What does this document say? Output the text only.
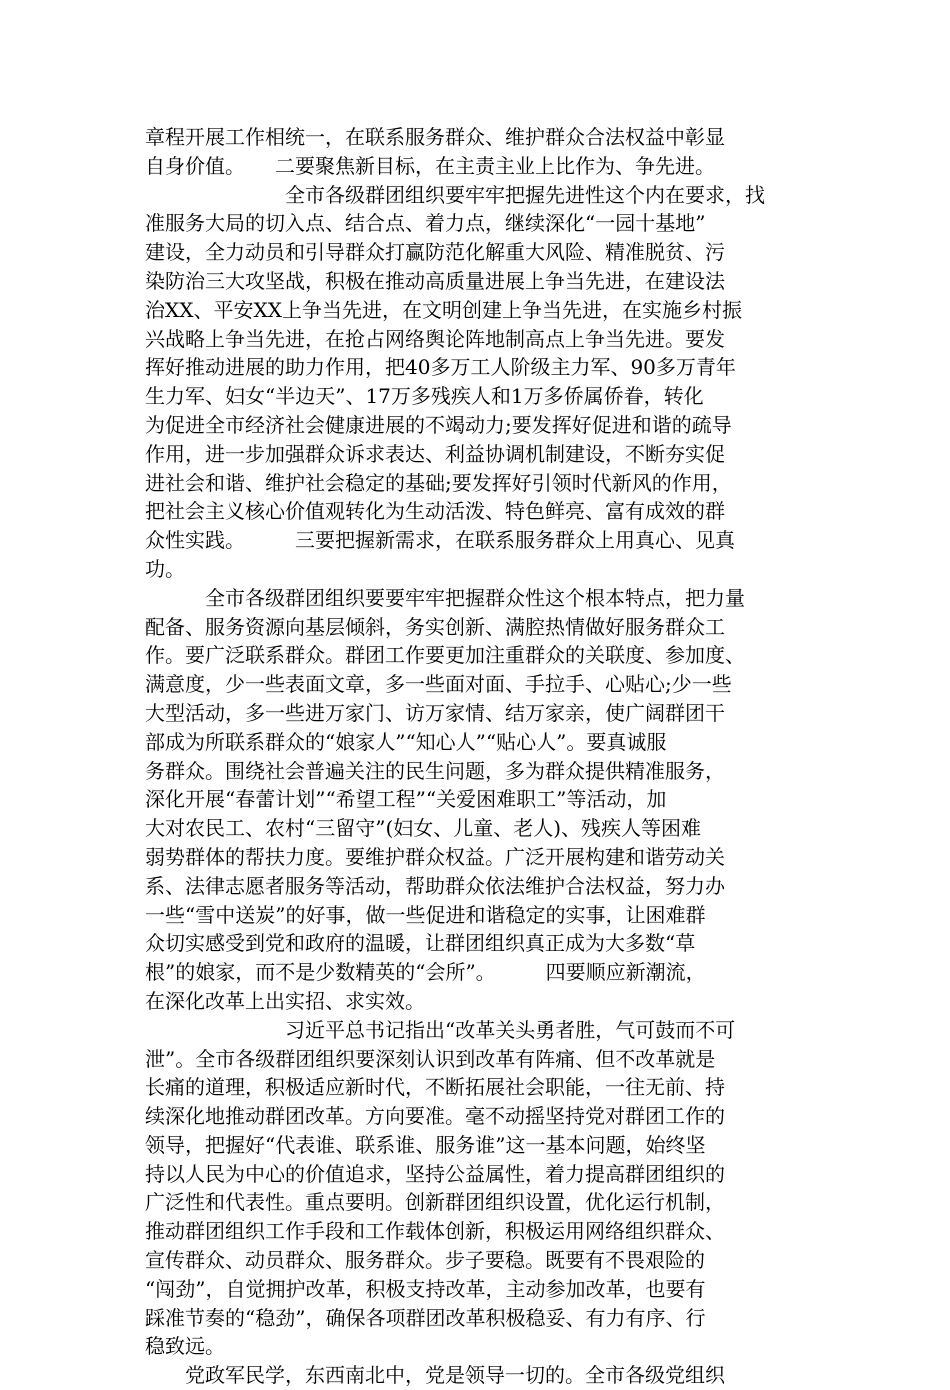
章程开展工作相统一，在联系服务群众、维护群众合法权益中彰显
自身价值。　　二要聚焦新目标，在主责主业上比作为、争先进。
　　　　　　　全市各级群团组织要牢牢把握先进性这个内在要求，找
准服务大局的切入点、结合点、着力点，继续深化“一园十基地”
建设，全力动员和引导群众打赢防范化解重大风险、精准脱贫、污
染防治三大攻坚战，积极在推动高质量进展上争当先进，在建设法
治XX、平安XX上争当先进，在文明创建上争当先进，在实施乡村振
兴战略上争当先进，在抢占网络舆论阵地制高点上争当先进。要发
挥好推动进展的助力作用，把40多万工人阶级主力军、90多万青年
生力军、妇女“半边天”、17万多残疾人和1万多侨属侨眷，转化
为促进全市经济社会健康进展的不竭动力;要发挥好促进和谐的疏导
作用，进一步加强群众诉求表达、利益协调机制建设，不断夯实促
进社会和谐、维护社会稳定的基础;要发挥好引领时代新风的作用，
把社会主义核心价值观转化为生动活泼、特色鲜亮、富有成效的群
众性实践。　　　三要把握新需求，在联系服务群众上用真心、见真
功。
　　　全市各级群团组织要要牢牢把握群众性这个根本特点，把力量
配备、服务资源向基层倾斜，务实创新、满腔热情做好服务群众工
作。要广泛联系群众。群团工作要更加注重群众的关联度、参加度、
满意度，少一些表面文章，多一些面对面、手拉手、心贴心;少一些
大型活动，多一些进万家门、访万家情、结万家亲，使广阔群团干
部成为所联系群众的“娘家人”“知心人”“贴心人”。要真诚服
务群众。围绕社会普遍关注的民生问题，多为群众提供精准服务，
深化开展“春蕾计划”“希望工程”“关爱困难职工”等活动，加
大对农民工、农村“三留守”(妇女、儿童、老人)、残疾人等困难
弱势群体的帮扶力度。要维护群众权益。广泛开展构建和谐劳动关
系、法律志愿者服务等活动，帮助群众依法维护合法权益，努力办
一些“雪中送炭”的好事，做一些促进和谐稳定的实事，让困难群
众切实感受到党和政府的温暖，让群团组织真正成为大多数“草
根”的娘家，而不是少数精英的“会所”。　　　四要顺应新潮流，
在深化改革上出实招、求实效。
　　　　　　　习近平总书记指出“改革关头勇者胜，气可鼓而不可
泄”。全市各级群团组织要深刻认识到改革有阵痛、但不改革就是
长痛的道理，积极适应新时代，不断拓展社会职能，一往无前、持
续深化地推动群团改革。方向要准。毫不动摇坚持党对群团工作的
领导，把握好“代表谁、联系谁、服务谁”这一基本问题，始终坚
持以人民为中心的价值追求，坚持公益属性，着力提高群团组织的
广泛性和代表性。重点要明。创新群团组织设置，优化运行机制，
推动群团组织工作手段和工作载体创新，积极运用网络组织群众、
宣传群众、动员群众、服务群众。步子要稳。既要有不畏艰险的
“闯劲”，自觉拥护改革，积极支持改革，主动参加改革，也要有
踩准节奏的“稳劲”，确保各项群团改革积极稳妥、有力有序、行
稳致远。
　　党政军民学，东西南北中，党是领导一切的。全市各级党组织
